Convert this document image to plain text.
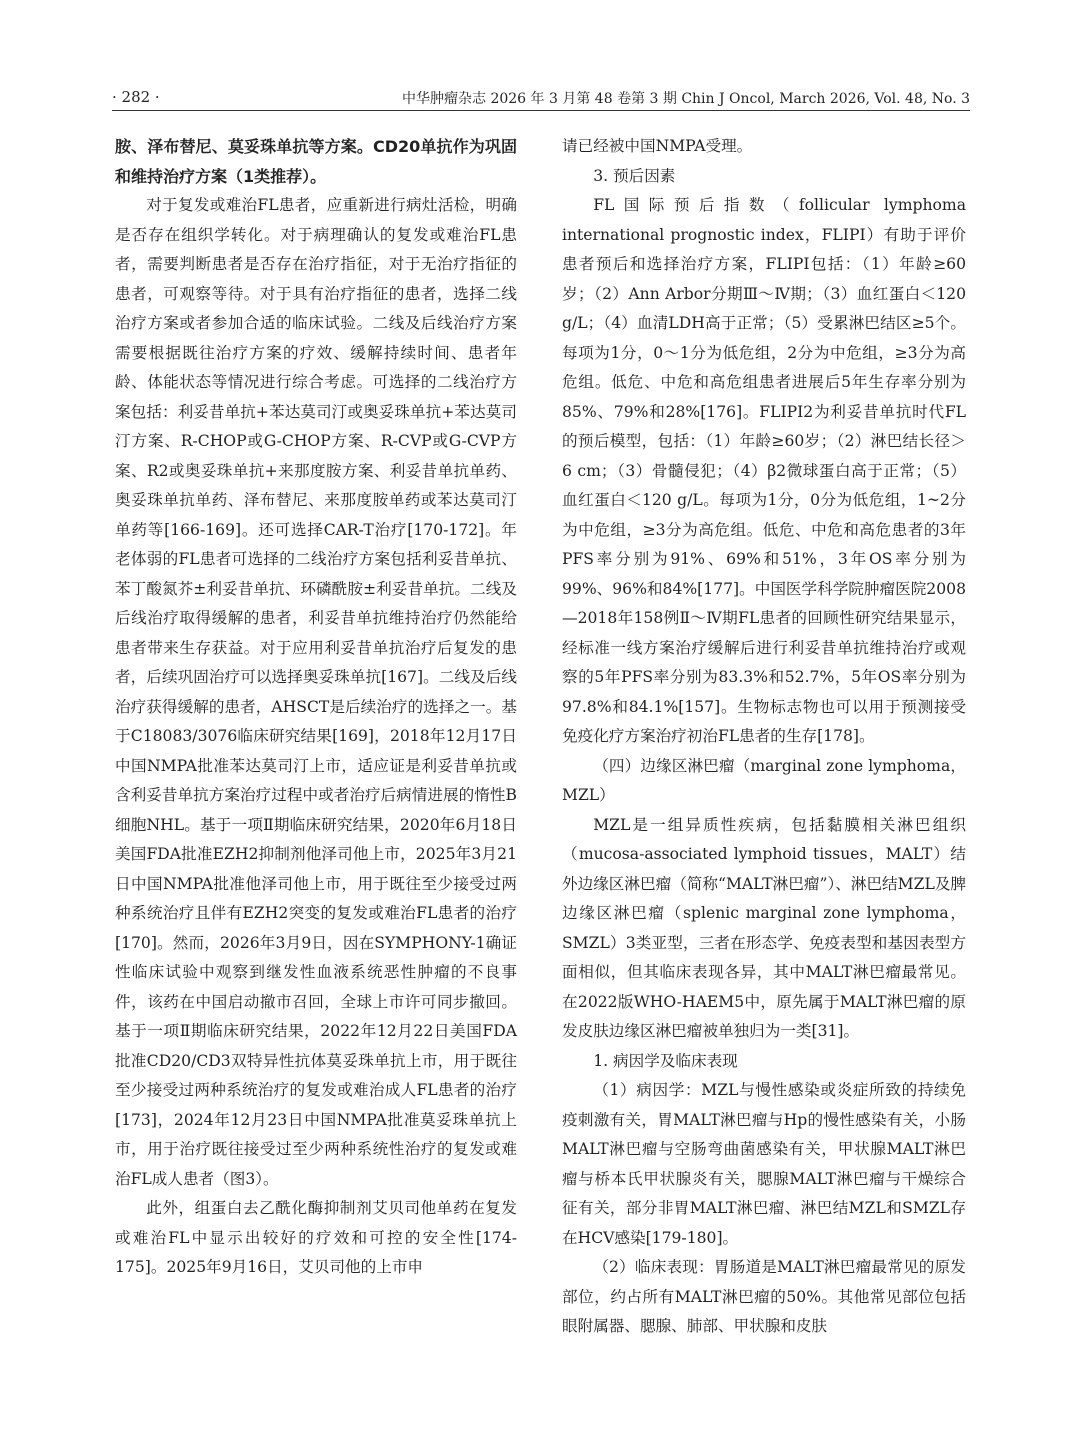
· 282 ·	中华肿瘤杂志 2026 年 3 月第 48 卷第 3 期 Chin J Oncol, March 2026, Vol. 48, No. 3

胺、泽布替尼、莫妥珠单抗等方案。CD20单抗作为巩固和维持治疗方案（1类推荐）。

对于复发或难治FL患者，应重新进行病灶活检，明确是否存在组织学转化。对于病理确认的复发或难治FL患者，需要判断患者是否存在治疗指征，对于无治疗指征的患者，可观察等待。对于具有治疗指征的患者，选择二线治疗方案或者参加合适的临床试验。二线及后线治疗方案需要根据既往治疗方案的疗效、缓解持续时间、患者年龄、体能状态等情况进行综合考虑。可选择的二线治疗方案包括：利妥昔单抗+苯达莫司汀或奥妥珠单抗+苯达莫司汀方案、R-CHOP或G-CHOP方案、R-CVP或G-CVP方案、R2或奥妥珠单抗+来那度胺方案、利妥昔单抗单药、奥妥珠单抗单药、泽布替尼、来那度胺单药或苯达莫司汀单药等[166-169]。还可选择CAR-T治疗[170-172]。年老体弱的FL患者可选择的二线治疗方案包括利妥昔单抗、苯丁酸氮芥±利妥昔单抗、环磷酰胺±利妥昔单抗。二线及后线治疗取得缓解的患者，利妥昔单抗维持治疗仍然能给患者带来生存获益。对于应用利妥昔单抗治疗后复发的患者，后续巩固治疗可以选择奥妥珠单抗[167]。二线及后线治疗获得缓解的患者，AHSCT是后续治疗的选择之一。基于C18083/3076临床研究结果[169]，2018年12月17日中国NMPA批准苯达莫司汀上市，适应证是利妥昔单抗或含利妥昔单抗方案治疗过程中或者治疗后病情进展的惰性B细胞NHL。基于一项Ⅱ期临床研究结果，2020年6月18日美国FDA批准EZH2抑制剂他泽司他上市，2025年3月21日中国NMPA批准他泽司他上市，用于既往至少接受过两种系统治疗且伴有EZH2突变的复发或难治FL患者的治疗[170]。然而，2026年3月9日，因在SYMPHONY-1确证性临床试验中观察到继发性血液系统恶性肿瘤的不良事件，该药在中国启动撤市召回，全球上市许可同步撤回。基于一项Ⅱ期临床研究结果，2022年12月22日美国FDA批准CD20/CD3双特异性抗体莫妥珠单抗上市，用于既往至少接受过两种系统治疗的复发或难治成人FL患者的治疗[173]，2024年12月23日中国NMPA批准莫妥珠单抗上市，用于治疗既往接受过至少两种系统性治疗的复发或难治FL成人患者（图3）。

此外，组蛋白去乙酰化酶抑制剂艾贝司他单药在复发或难治FL中显示出较好的疗效和可控的安全性[174-175]。2025年9月16日，艾贝司他的上市申

请已经被中国NMPA受理。

3. 预后因素

FL国际预后指数（follicular lymphoma international prognostic index，FLIPI）有助于评价患者预后和选择治疗方案，FLIPI包括：（1）年龄≥60岁；（2）Ann Arbor分期Ⅲ～Ⅳ期；（3）血红蛋白＜120 g/L；（4）血清LDH高于正常；（5）受累淋巴结区≥5个。每项为1分，0～1分为低危组，2分为中危组，≥3分为高危组。低危、中危和高危组患者进展后5年生存率分别为85%、79%和28%[176]。FLIPI2为利妥昔单抗时代FL的预后模型，包括：（1）年龄≥60岁；（2）淋巴结长径＞6 cm；（3）骨髓侵犯；（4）β2微球蛋白高于正常；（5）血红蛋白＜120 g/L。每项为1分，0分为低危组，1~2分为中危组，≥3分为高危组。低危、中危和高危患者的3年PFS率分别为91%、69%和51%，3年OS率分别为99%、96%和84%[177]。中国医学科学院肿瘤医院2008—2018年158例Ⅱ～Ⅳ期FL患者的回顾性研究结果显示，经标准一线方案治疗缓解后进行利妥昔单抗维持治疗或观察的5年PFS率分别为83.3%和52.7%，5年OS率分别为97.8%和84.1%[157]。生物标志物也可以用于预测接受免疫化疗方案治疗初治FL患者的生存[178]。

（四）边缘区淋巴瘤（marginal zone lymphoma，MZL）

MZL是一组异质性疾病，包括黏膜相关淋巴组织（mucosa-associated lymphoid tissues，MALT）结外边缘区淋巴瘤（简称“MALT淋巴瘤”）、淋巴结MZL及脾边缘区淋巴瘤（splenic marginal zone lymphoma，SMZL）3类亚型，三者在形态学、免疫表型和基因表型方面相似，但其临床表现各异，其中MALT淋巴瘤最常见。在2022版WHO-HAEM5中，原先属于MALT淋巴瘤的原发皮肤边缘区淋巴瘤被单独归为一类[31]。

1. 病因学及临床表现

（1）病因学：MZL与慢性感染或炎症所致的持续免疫刺激有关，胃MALT淋巴瘤与Hp的慢性感染有关，小肠MALT淋巴瘤与空肠弯曲菌感染有关，甲状腺MALT淋巴瘤与桥本氏甲状腺炎有关，腮腺MALT淋巴瘤与干燥综合征有关，部分非胃MALT淋巴瘤、淋巴结MZL和SMZL存在HCV感染[179-180]。

（2）临床表现：胃肠道是MALT淋巴瘤最常见的原发部位，约占所有MALT淋巴瘤的50%。其他常见部位包括眼附属器、腮腺、肺部、甲状腺和皮肤
